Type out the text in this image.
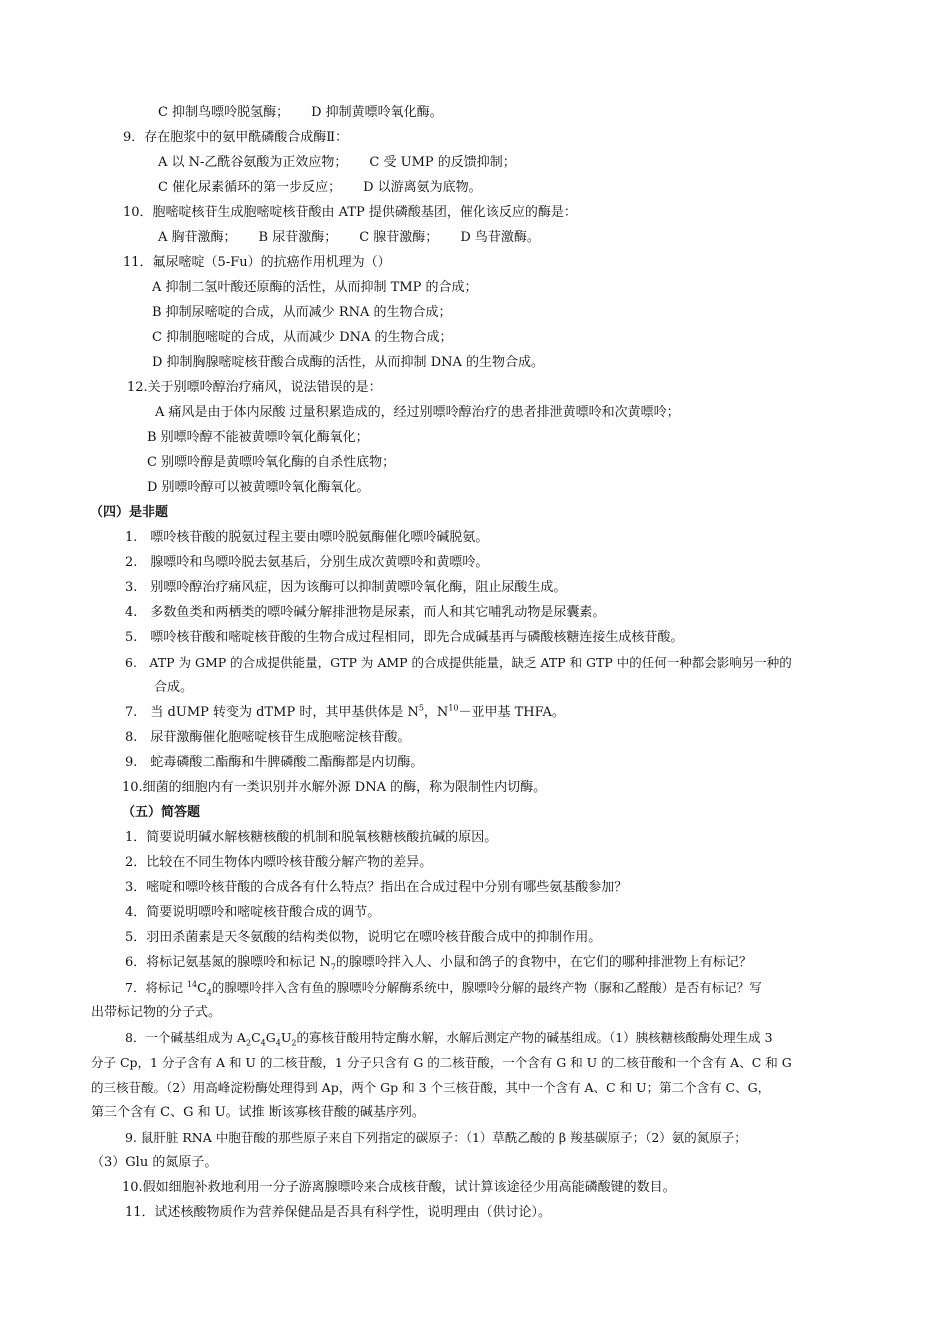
C 抑制鸟嘌呤脱氢酶； D 抑制黄嘌呤氧化酶。
9．存在胞浆中的氨甲酰磷酸合成酶Ⅱ：
A 以 N-乙酰谷氨酸为正效应物； C 受 UMP 的反馈抑制；
C 催化尿素循环的第一步反应； D 以游离氨为底物。
10．胞嘧啶核苷生成胞嘧啶核苷酸由 ATP 提供磷酸基团，催化该反应的酶是：
A 胸苷激酶； B 尿苷激酶； C 腺苷激酶； D 鸟苷激酶。
11．氟尿嘧啶（5-Fu）的抗癌作用机理为（）
A 抑制二氢叶酸还原酶的活性，从而抑制 TMP 的合成；
B 抑制尿嘧啶的合成，从而减少 RNA 的生物合成；
C 抑制胞嘧啶的合成，从而减少 DNA 的生物合成；
D 抑制胸腺嘧啶核苷酸合成酶的活性，从而抑制 DNA 的生物合成。
12.关于别嘌呤醇治疗痛风，说法错误的是：
A 痛风是由于体内尿酸 过量积累造成的，经过别嘌呤醇治疗的患者排泄黄嘌呤和次黄嘌呤；
B 别嘌呤醇不能被黄嘌呤氧化酶氧化；
C 别嘌呤醇是黄嘌呤氧化酶的自杀性底物；
D 别嘌呤醇可以被黄嘌呤氧化酶氧化。
（四）是非题
1.　嘌呤核苷酸的脱氨过程主要由嘌呤脱氨酶催化嘌呤碱脱氨。
2.　腺嘌呤和鸟嘌呤脱去氨基后，分别生成次黄嘌呤和黄嘌呤。
3.　别嘌呤醇治疗痛风症，因为该酶可以抑制黄嘌呤氧化酶，阻止尿酸生成。
4.　多数鱼类和两栖类的嘌呤碱分解排泄物是尿素，而人和其它哺乳动物是尿囊素。
5.　嘌呤核苷酸和嘧啶核苷酸的生物合成过程相同，即先合成碱基再与磷酸核糖连接生成核苷酸。
6.　ATP 为 GMP 的合成提供能量，GTP 为 AMP 的合成提供能量，缺乏 ATP 和 GTP 中的任何一种都会影响另一种的
合成。
7.　当 dUMP 转变为 dTMP 时，其甲基供体是 $N^5$，$N^{10}-$亚甲基 THFA。
8.　尿苷激酶催化胞嘧啶核苷生成胞嘧淀核苷酸。
9.　蛇毒磷酸二酯酶和牛脾磷酸二酯酶都是内切酶。
10.细菌的细胞内有一类识别并水解外源 DNA 的酶，称为限制性内切酶。
（五）简答题
1．简要说明碱水解核糖核酸的机制和脱氧核糖核酸抗碱的原因。
2．比较在不同生物体内嘌呤核苷酸分解产物的差异。
3．嘧啶和嘌呤核苷酸的合成各有什么特点？指出在合成过程中分别有哪些氨基酸参加？
4．简要说明嘌呤和嘧啶核苷酸合成的调节。
5．羽田杀菌素是天冬氨酸的结构类似物，说明它在嘌呤核苷酸合成中的抑制作用。
6．将标记氨基氮的腺嘌呤和标记 $N_7$的腺嘌呤拌入人、小鼠和鸽子的食物中，在它们的哪种排泄物上有标记？
7．将标记 $^{14}C_4$的腺嘌呤拌入含有鱼的腺嘌呤分解酶系统中，腺嘌呤分解的最终产物（脲和乙醛酸）是否有标记？写
出带标记物的分子式。
8．一个碱基组成为 $A_2C_4G_4U_2$的寡核苷酸用特定酶水解，水解后测定产物的碱基组成。（1）胰核糖核酸酶处理生成 3
分子 Cp，1 分子含有 A 和 U 的二核苷酸，1 分子只含有 G 的二核苷酸，一个含有 G 和 U 的二核苷酸和一个含有 A、C 和 G
的三核苷酸。（2）用高峰淀粉酶处理得到 Ap，两个 Gp 和 3 个三核苷酸，其中一个含有 A、C 和 U；第二个含有 C、G，
第三个含有 C、G 和 U。试推 断该寡核苷酸的碱基序列。
9. 鼠肝脏 RNA 中胞苷酸的那些原子来自下列指定的碳原子：（1）草酰乙酸的 β 羧基碳原子；（2）氨的氮原子；
（3）Glu 的氮原子。
10.假如细胞补救地利用一分子游离腺嘌呤来合成核苷酸，试计算该途径少用高能磷酸键的数目。
11．试述核酸物质作为营养保健品是否具有科学性，说明理由（供讨论）。
